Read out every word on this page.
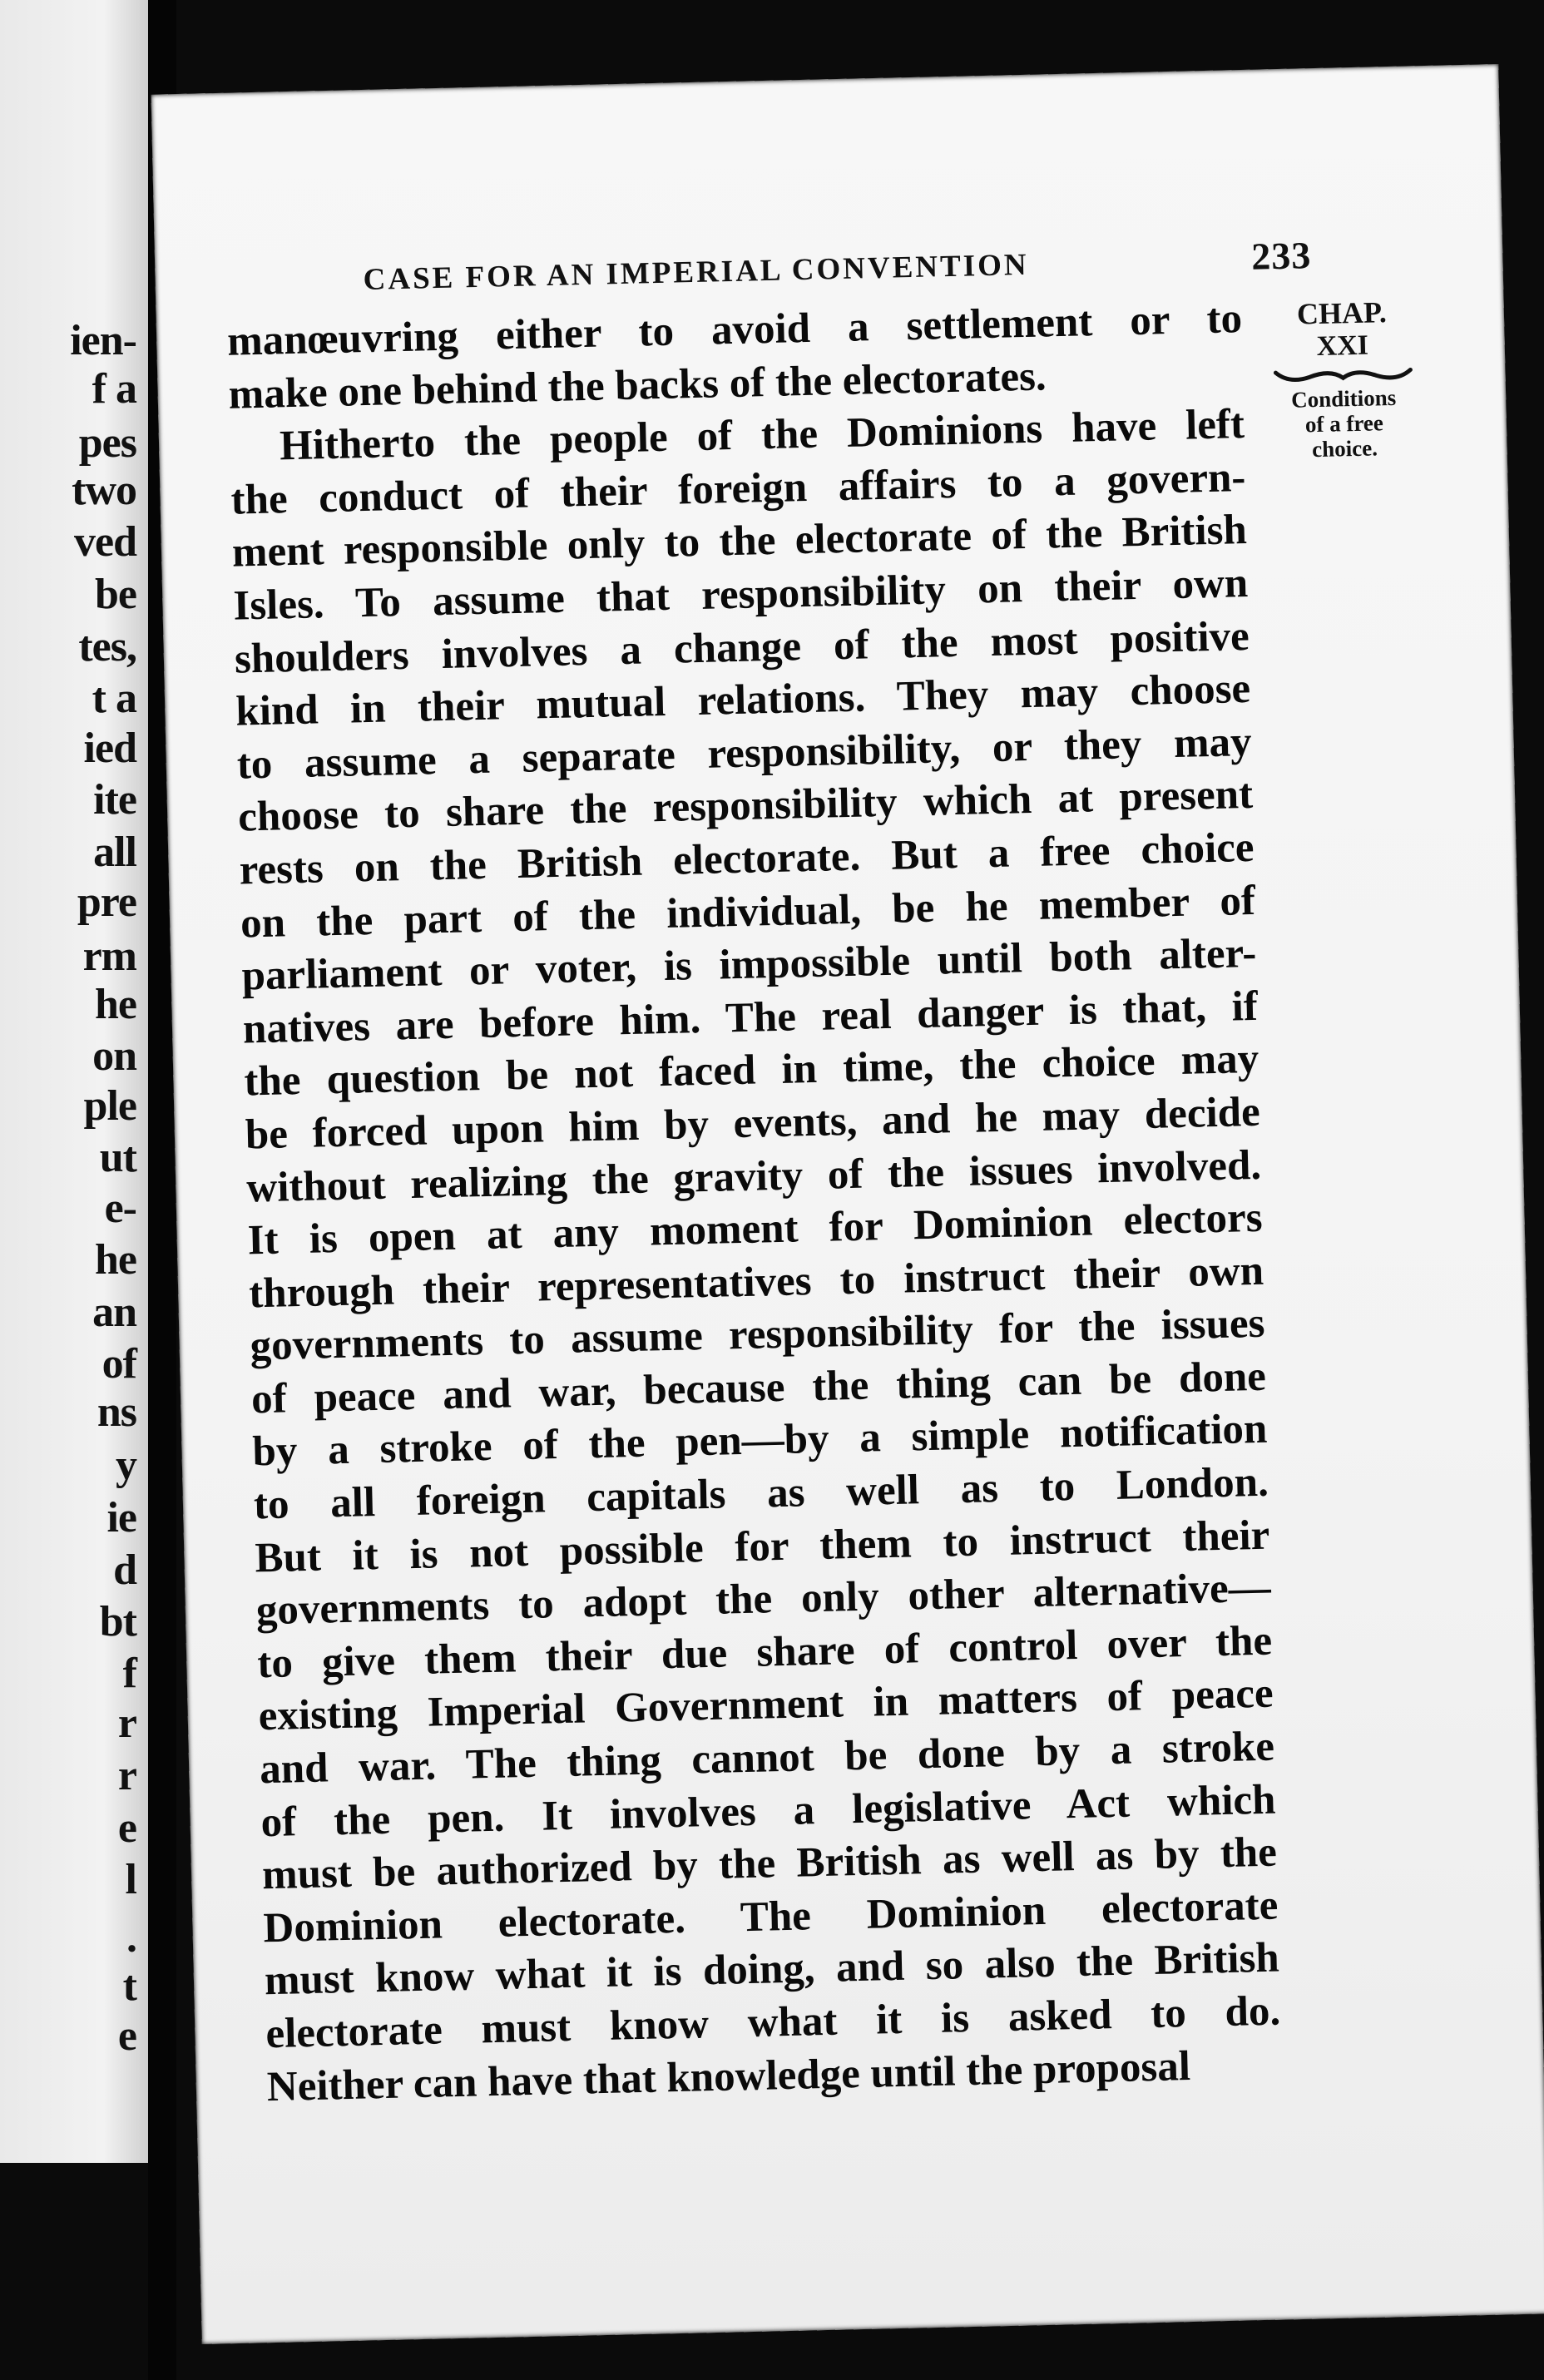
ien-
f a
pes
two
ved
be
tes,
t a
ied
ite
all
pre
rm
he
on
ple
ut
e-
he
an
of
ns
y
ie
d
bt
f
r
r
e
l
.
t
e
CASE FOR AN IMPERIAL CONVENTION	233
manœuvring either to avoid a settlement or to
make one behind the backs of the electorates.
Hitherto the people of the Dominions have left
the conduct of their foreign affairs to a govern-
ment responsible only to the electorate of the British
Isles. To assume that responsibility on their own
shoulders involves a change of the most positive
kind in their mutual relations. They may choose
to assume a separate responsibility, or they may
choose to share the responsibility which at present
rests on the British electorate. But a free choice
on the part of the individual, be he member of
parliament or voter, is impossible until both alter-
natives are before him. The real danger is that, if
the question be not faced in time, the choice may
be forced upon him by events, and he may decide
without realizing the gravity of the issues involved.
It is open at any moment for Dominion electors
through their representatives to instruct their own
governments to assume responsibility for the issues
of peace and war, because the thing can be done
by a stroke of the pen—by a simple notification
to all foreign capitals as well as to London.
But it is not possible for them to instruct their
governments to adopt the only other alternative—
to give them their due share of control over the
existing Imperial Government in matters of peace
and war. The thing cannot be done by a stroke
of the pen. It involves a legislative Act which
must be authorized by the British as well as by the
Dominion electorate. The Dominion electorate
must know what it is doing, and so also the British
electorate must know what it is asked to do.
Neither can have that knowledge until the proposal
CHAP.
XXI
Conditions
of a free
choice.
